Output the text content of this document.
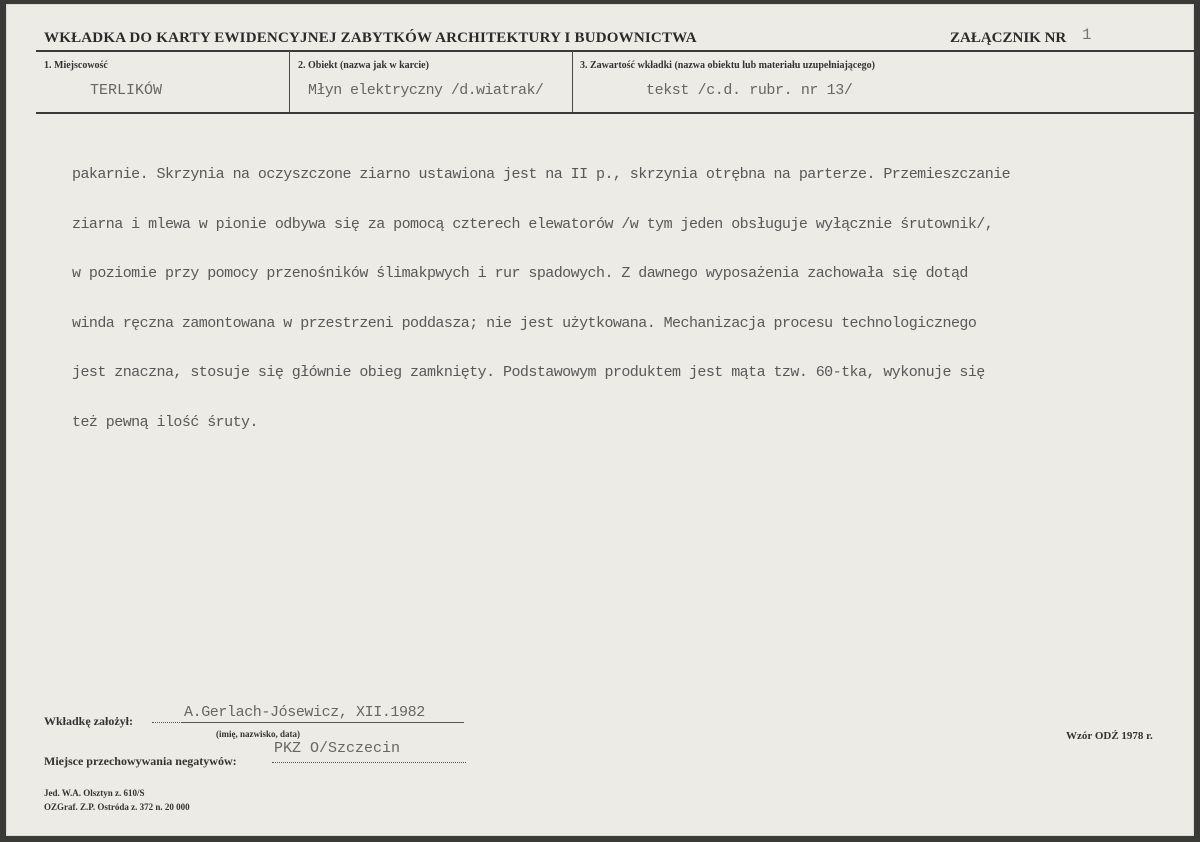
WKŁADKA DO KARTY EWIDENCYJNEJ ZABYTKÓW ARCHITEKTURY I BUDOWNICTWA	ZAŁĄCZNIK NR 1
1. Miejscowość
TERLIKÓW
2. Obiekt (nazwa jak w karcie)
Młyn elektryczny /d.wiatrak/
3. Zawartość wkładki (nazwa obiektu lub materiału uzupełniającego)
tekst /c.d. rubr. nr 13/

pakarnie. Skrzynia na oczyszczone ziarno ustawiona jest na II p., skrzynia otrębna na parterze. Przemieszczanie

ziarna i mlewa w pionie odbywa się za pomocą czterech elewatorów /w tym jeden obsługuje wyłącznie śrutownik/,

w poziomie przy pomocy przenośników ślimakpwych i rur spadowych. Z dawnego wyposażenia zachowała się dotąd

winda ręczna zamontowana w przestrzeni poddasza; nie jest użytkowana. Mechanizacja procesu technologicznego

jest znaczna, stosuje się głównie obieg zamknięty. Podstawowym produktem jest mąta tzw. 60-tka, wykonuje się

też pewną ilość śruty.

Wkładkę założył:	A.Gerlach-Jósewicz, XII.1982
(imię, nazwisko, data)
Miejsce przechowywania negatywów:
PKZ O/Szczecin
Wzór ODŹ 1978 r.
Jed. W.A. Olsztyn z. 610/S
OZGraf. Z.P. Ostróda z. 372 n. 20 000
